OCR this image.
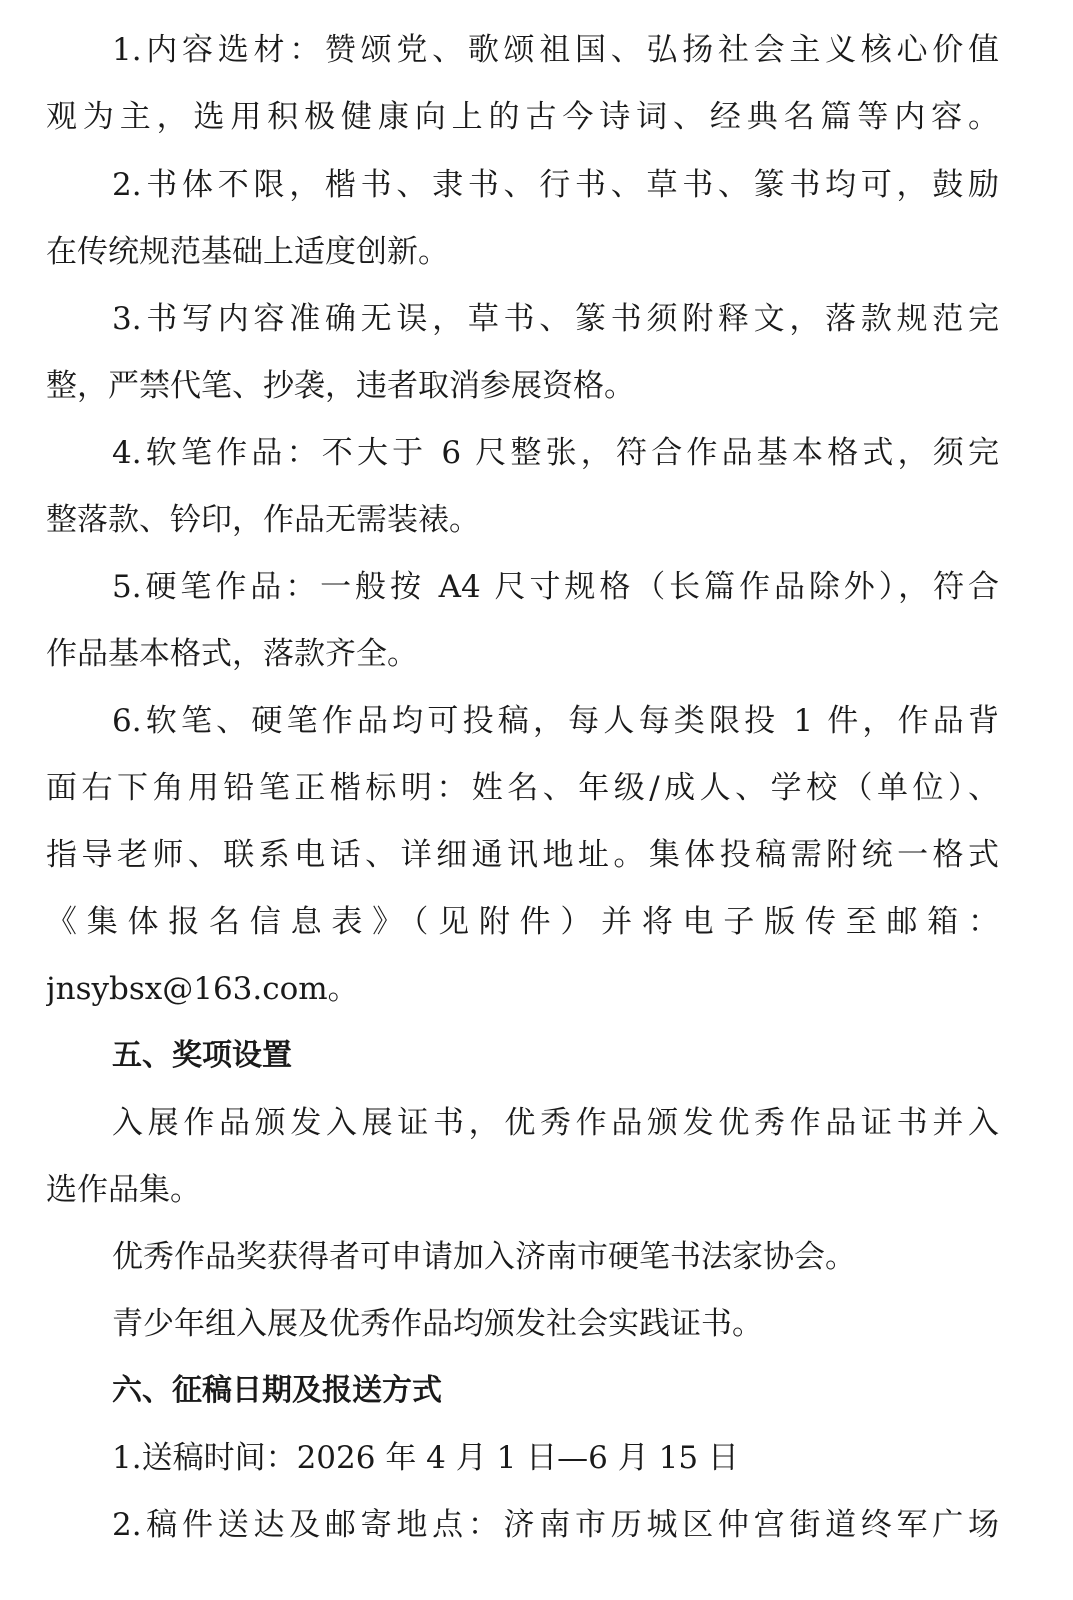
1.内容选材：赞颂党、歌颂祖国、弘扬社会主义核心价值
观为主，选用积极健康向上的古今诗词、经典名篇等内容。
2.书体不限，楷书、隶书、行书、草书、篆书均可，鼓励
在传统规范基础上适度创新。
3.书写内容准确无误，草书、篆书须附释文，落款规范完
整，严禁代笔、抄袭，违者取消参展资格。
4.软笔作品：不大于 6 尺整张，符合作品基本格式，须完
整落款、钤印，作品无需装裱。
5.硬笔作品：一般按 A4 尺寸规格（长篇作品除外），符合
作品基本格式，落款齐全。
6.软笔、硬笔作品均可投稿，每人每类限投 1 件，作品背
面右下角用铅笔正楷标明：姓名、年级/成人、学校（单位）、
指导老师、联系电话、详细通讯地址。集体投稿需附统一格式
《集体报名信息表》（见附件）并将电子版传至邮箱：
jnsybsx@163.com。
五、奖项设置
入展作品颁发入展证书，优秀作品颁发优秀作品证书并入
选作品集。
优秀作品奖获得者可申请加入济南市硬笔书法家协会。
青少年组入展及优秀作品均颁发社会实践证书。
六、征稿日期及报送方式
1.送稿时间：2026 年 4 月 1 日—6 月 15 日
2.稿件送达及邮寄地点：济南市历城区仲宫街道终军广场
